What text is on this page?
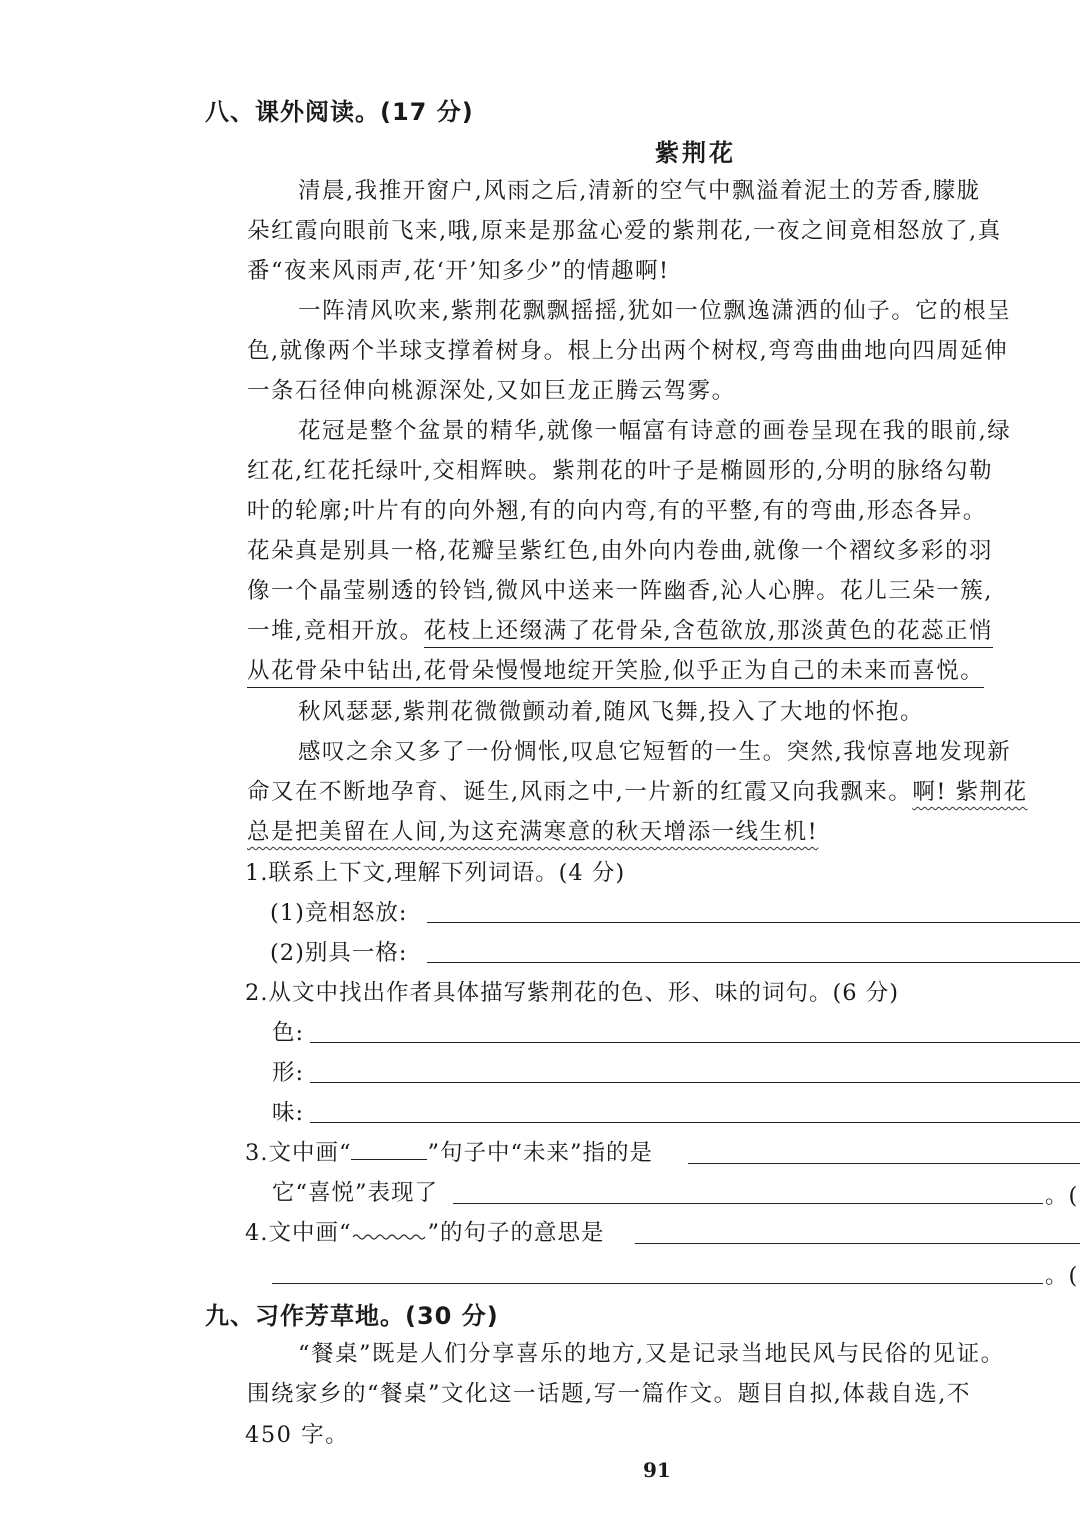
八、课外阅读。(17 分)
紫荆花
清晨,我推开窗户,风雨之后,清新的空气中飘溢着泥土的芳香,朦胧
朵红霞向眼前飞来,哦,原来是那盆心爱的紫荆花,一夜之间竟相怒放了,真
番“夜来风雨声,花‘开’知多少”的情趣啊!
一阵清风吹来,紫荆花飘飘摇摇,犹如一位飘逸潇洒的仙子。它的根呈
色,就像两个半球支撑着树身。根上分出两个树杈,弯弯曲曲地向四周延伸
一条石径伸向桃源深处,又如巨龙正腾云驾雾。
花冠是整个盆景的精华,就像一幅富有诗意的画卷呈现在我的眼前,绿
红花,红花托绿叶,交相辉映。紫荆花的叶子是椭圆形的,分明的脉络勾勒
叶的轮廓;叶片有的向外翘,有的向内弯,有的平整,有的弯曲,形态各异。
花朵真是别具一格,花瓣呈紫红色,由外向内卷曲,就像一个褶纹多彩的羽
像一个晶莹剔透的铃铛,微风中送来一阵幽香,沁人心脾。花儿三朵一簇,
一堆,竞相开放。花枝上还缀满了花骨朵,含苞欲放,那淡黄色的花蕊正悄
从花骨朵中钻出,花骨朵慢慢地绽开笑脸,似乎正为自己的未来而喜悦。
秋风瑟瑟,紫荆花微微颤动着,随风飞舞,投入了大地的怀抱。
感叹之余又多了一份惆怅,叹息它短暂的一生。突然,我惊喜地发现新
命又在不断地孕育、诞生,风雨之中,一片新的红霞又向我飘来。啊! 紫荆花
总是把美留在人间,为这充满寒意的秋天增添一线生机!
1.联系上下文,理解下列词语。(4 分)
(1)竞相怒放:
(2)别具一格:
2.从文中找出作者具体描写紫荆花的色、形、味的词句。(6 分)
色:
形:
味:
3.文中画“	”句子中“未来”指的是
它“喜悦”表现了	。(
4.文中画“	”的句子的意思是
。(
九、习作芳草地。(30 分)
“餐桌”既是人们分享喜乐的地方,又是记录当地民风与民俗的见证。
围绕家乡的“餐桌”文化这一话题,写一篇作文。题目自拟,体裁自选,不
450 字。
91
